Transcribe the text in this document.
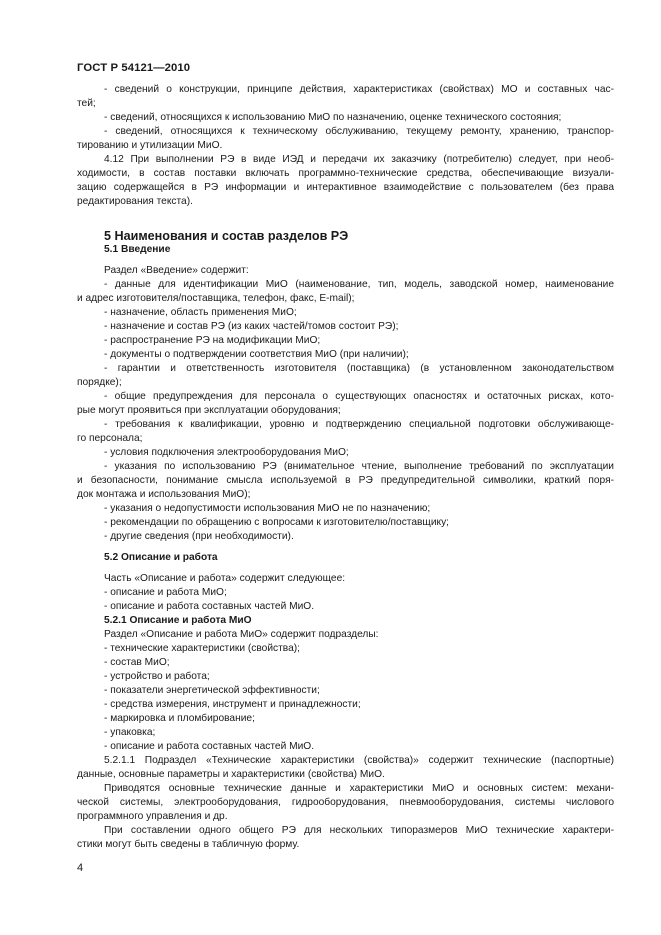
ГОСТ Р 54121—2010
5 Наименования и состав разделов РЭ
- сведений о конструкции, принципе действия, характеристиках (свойствах) МО и составных час-
тей;
- сведений, относящихся к использованию МиО по назначению, оценке технического состояния;
- сведений, относящихся к техническому обслуживанию, текущему ремонту, хранению, транспор-
тированию и утилизации МиО.
4.12 При выполнении РЭ в виде ИЭД и передачи их заказчику (потребителю) следует, при необ-
ходимости, в состав поставки включать программно-технические средства, обеспечивающие визуали-
зацию содержащейся в РЭ информации и интерактивное взаимодействие с пользователем (без права
редактирования текста).
5.1 Введение
Раздел «Введение» содержит:
- данные для идентификации МиО (наименование, тип, модель, заводской номер, наименование
и адрес изготовителя/поставщика, телефон, факс, E-mail);
- назначение, область применения МиО;
- назначение и состав РЭ (из каких частей/томов состоит РЭ);
- распространение РЭ на модификации МиО;
- документы о подтверждении соответствия МиО (при наличии);
- гарантии и ответственность изготовителя (поставщика) (в установленном законодательством
порядке);
- общие предупреждения для персонала о существующих опасностях и остаточных рисках, кото-
рые могут проявиться при эксплуатации оборудования;
- требования к квалификации, уровню и подтверждению специальной подготовки обслуживающе-
го персонала;
- условия подключения электрооборудования МиО;
- указания по использованию РЭ (внимательное чтение, выполнение требований по эксплуатации
и безопасности, понимание смысла используемой в РЭ предупредительной символики, краткий поря-
док монтажа и использования МиО);
- указания о недопустимости использования МиО не по назначению;
- рекомендации по обращению с вопросами к изготовителю/поставщику;
- другие сведения (при необходимости).
5.2 Описание и работа
Часть «Описание и работа» содержит следующее:
- описание и работа МиО;
- описание и работа составных частей МиО.
5.2.1 Описание и работа МиО
Раздел «Описание и работа МиО» содержит подразделы:
- технические характеристики (свойства);
- состав МиО;
- устройство и работа;
- показатели энергетической эффективности;
- средства измерения, инструмент и принадлежности;
- маркировка и пломбирование;
- упаковка;
- описание и работа составных частей МиО.
5.2.1.1 Подраздел «Технические характеристики (свойства)» содержит технические (паспортные)
данные, основные параметры и характеристики (свойства) МиО.
Приводятся основные технические данные и характеристики МиО и основных систем: механи-
ческой системы, электрооборудования, гидрооборудования, пневмооборудования, системы числового
программного управления и др.
При составлении одного общего РЭ для нескольких типоразмеров МиО технические характери-
стики могут быть сведены в табличную форму.
4
